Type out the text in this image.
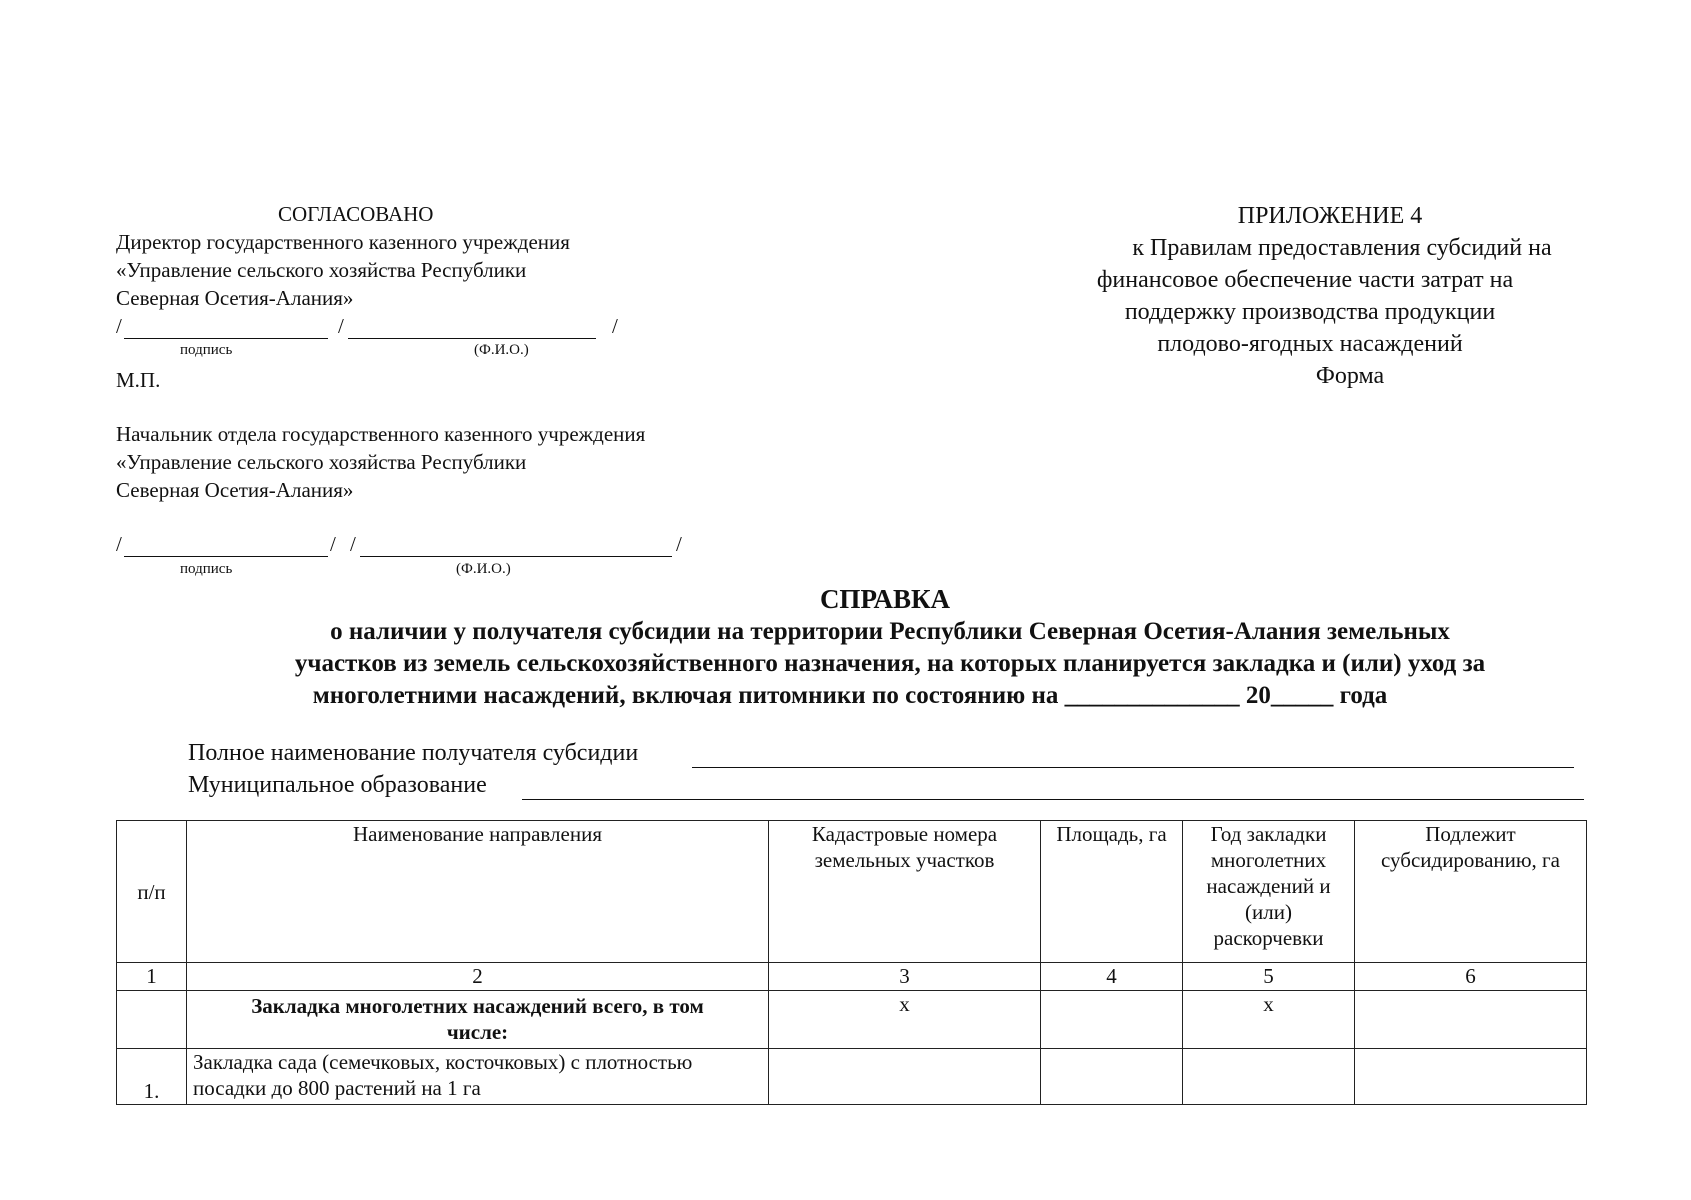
СОГЛАСОВАНО
Директор государственного казенного учреждения
«Управление сельского хозяйства Республики
Северная Осетия-Алания»
/	/	/
подпись	(Ф.И.О.)
М.П.
Начальник отдела государственного казенного учреждения
«Управление сельского хозяйства Республики
Северная Осетия-Алания»
/	/ /	/
подпись	(Ф.И.О.)
ПРИЛОЖЕНИЕ 4
к Правилам предоставления субсидий на
финансовое обеспечение части затрат на
поддержку производства продукции
плодово-ягодных насаждений
Форма
СПРАВКА
о наличии у получателя субсидии на территории Республики Северная Осетия-Алания земельных
участков из земель сельскохозяйственного назначения, на которых планируется закладка и (или) уход за
многолетними насаждений, включая питомники по состоянию на ______________ 20_____ года
Полное наименование получателя субсидии
Муниципальное образование
п/п	Наименование направления	Кадастровые номера земельных участков	Площадь, га	Год закладки многолетних насаждений и (или) раскорчевки	Подлежит субсидированию, га
1	2	3	4	5	6
	Закладка многолетних насаждений всего, в том числе:	x		x	
1.	Закладка сада (семечковых, косточковых) с плотностью посадки до 800 растений на 1 га				
